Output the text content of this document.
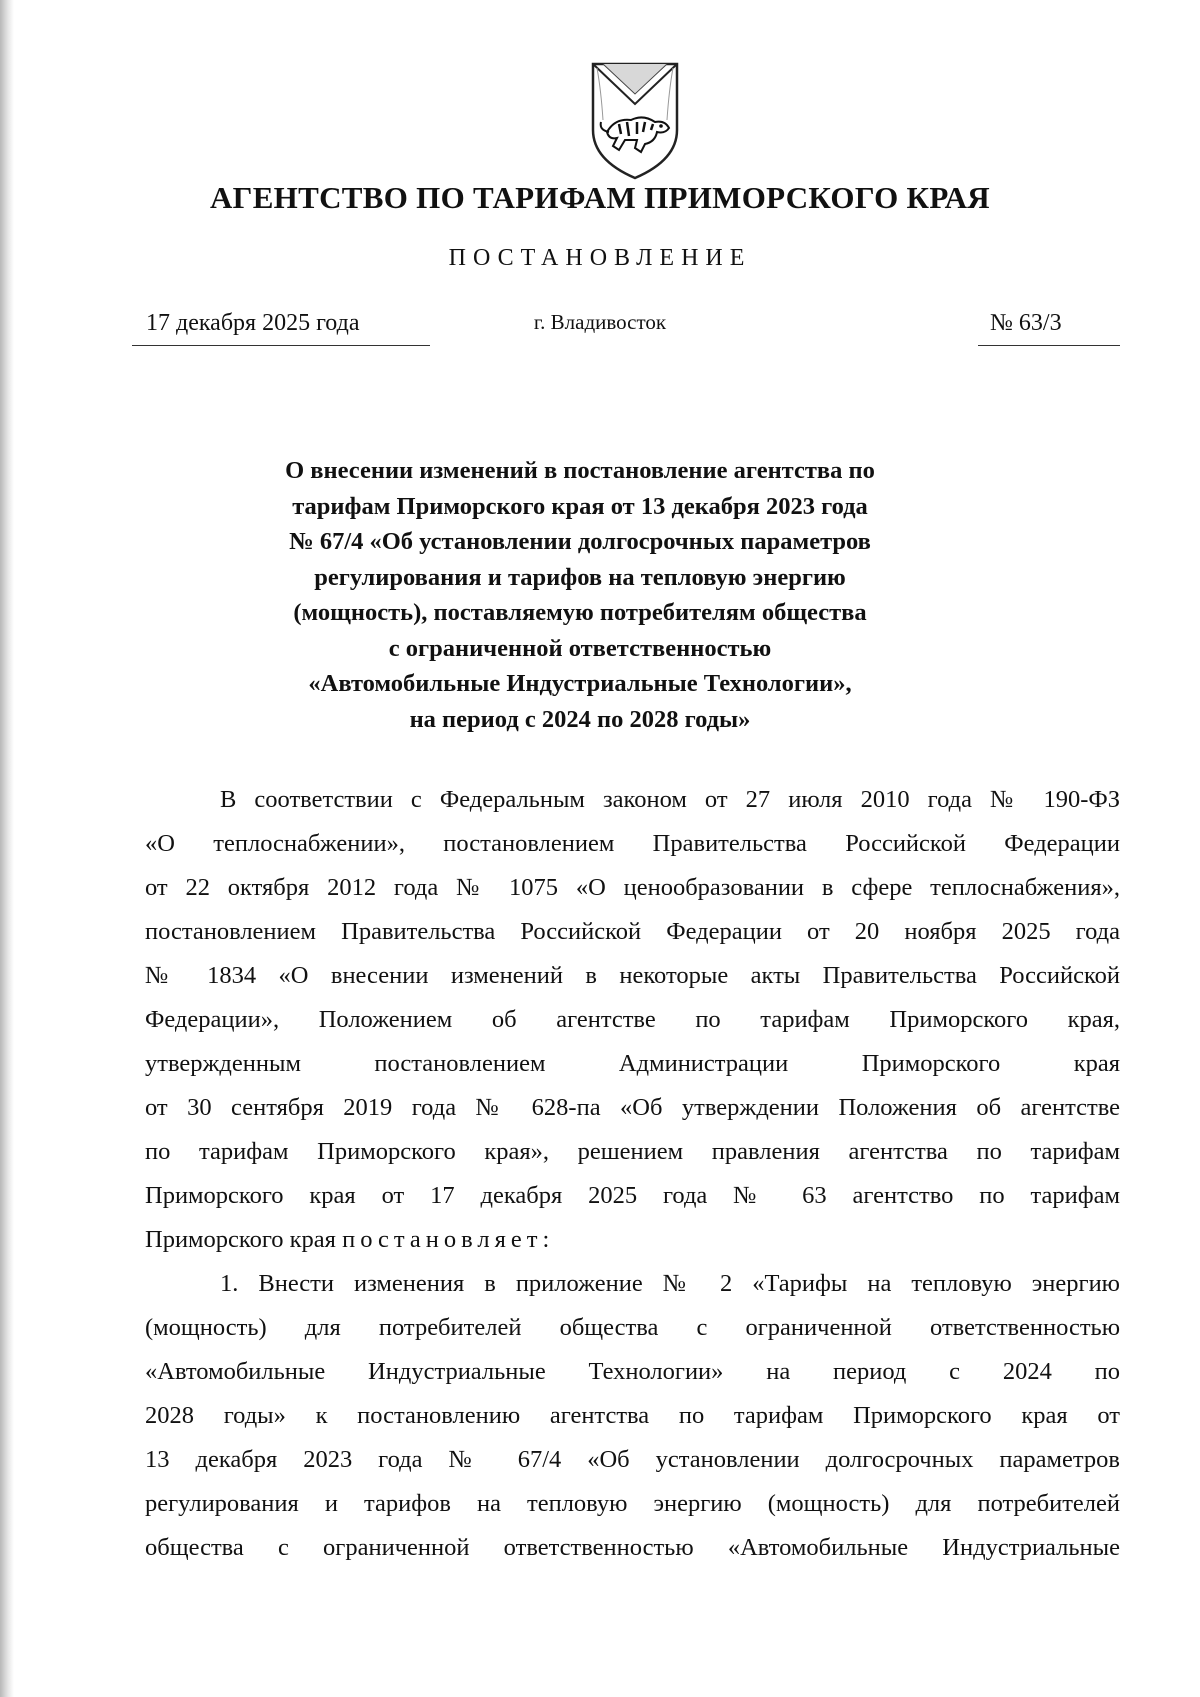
АГЕНТСТВО ПО ТАРИФАМ ПРИМОРСКОГО КРАЯ
ПОСТАНОВЛЕНИЕ
17 декабря 2025 года	г. Владивосток	№ 63/3
О внесении изменений в постановление агентства по
тарифам Приморского края от 13 декабря 2023 года
№ 67/4 «Об установлении долгосрочных параметров
регулирования и тарифов на тепловую энергию
(мощность), поставляемую потребителям общества
с ограниченной ответственностью
«Автомобильные Индустриальные Технологии»,
на период с 2024 по 2028 годы»
В соответствии с Федеральным законом от 27 июля 2010 года № 190-ФЗ
«О теплоснабжении», постановлением Правительства Российской Федерации
от 22 октября 2012 года № 1075 «О ценообразовании в сфере теплоснабжения»,
постановлением Правительства Российской Федерации от 20 ноября 2025 года
№ 1834 «О внесении изменений в некоторые акты Правительства Российской
Федерации», Положением об агентстве по тарифам Приморского края,
утвержденным постановлением Администрации Приморского края
от 30 сентября 2019 года № 628-па «Об утверждении Положения об агентстве
по тарифам Приморского края», решением правления агентства по тарифам
Приморского края от 17 декабря 2025 года № 63 агентство по тарифам
Приморского края постановляет:
1. Внести изменения в приложение № 2 «Тарифы на тепловую энергию
(мощность) для потребителей общества с ограниченной ответственностью
«Автомобильные Индустриальные Технологии» на период с 2024 по
2028 годы» к постановлению агентства по тарифам Приморского края от
13 декабря 2023 года № 67/4 «Об установлении долгосрочных параметров
регулирования и тарифов на тепловую энергию (мощность) для потребителей
общества с ограниченной ответственностью «Автомобильные Индустриальные
